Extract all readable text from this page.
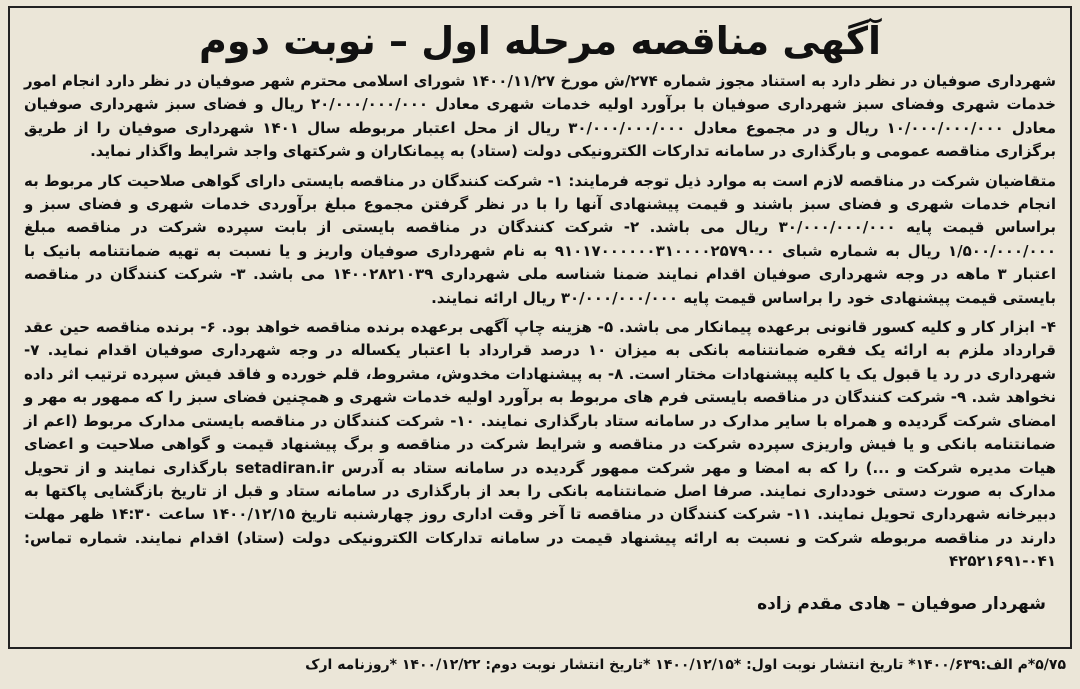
آگهی مناقصه مرحله اول – نوبت دوم

شهرداری صوفیان در نظر دارد به استناد مجوز شماره ۲۷۴/ش مورخ ۱۴۰۰/۱۱/۲۷ شورای اسلامی محترم شهر صوفیان در نظر دارد انجام امور خدمات شهری وفضای سبز شهرداری صوفیان با برآورد اولیه خدمات شهری معادل ۲۰/۰۰۰/۰۰۰/۰۰۰ ریال و فضای سبز شهرداری صوفیان معادل ۱۰/۰۰۰/۰۰۰/۰۰۰ ریال و در مجموع معادل ۳۰/۰۰۰/۰۰۰/۰۰۰ ریال از محل اعتبار مربوطه سال ۱۴۰۱ شهرداری صوفیان را از طریق برگزاری مناقصه عمومی و بارگذاری در سامانه تدارکات الکترونیکی دولت (ستاد) به پیمانکاران و شرکتهای واجد شرایط واگذار نماید.

متقاضیان شرکت در مناقصه لازم است به موارد ذیل توجه فرمایند: ۱- شرکت کنندگان در مناقصه بایستی دارای گواهی صلاحیت کار مربوط به انجام خدمات شهری و فضای سبز باشند و قیمت پیشنهادی آنها را با در نظر گرفتن مجموع مبلغ برآوردی خدمات شهری و فضای سبز و براساس قیمت پایه ۳۰/۰۰۰/۰۰۰/۰۰۰ ریال می باشد. ۲- شرکت کنندگان در مناقصه بایستی از بابت سپرده شرکت در مناقصه مبلغ ۱/۵۰۰/۰۰۰/۰۰۰ ریال به شماره شبای ۹۱۰۱۷۰۰۰۰۰۰۳۱۰۰۰۰۲۵۷۹۰۰۰ به نام شهرداری صوفیان واریز و یا نسبت به تهیه ضمانتنامه بانیک با اعتبار ۳ ماهه در وجه شهرداری صوفیان اقدام نمایند ضمنا شناسه ملی شهرداری ۱۴۰۰۲۸۲۱۰۳۹ می باشد. ۳- شرکت کنندگان در مناقصه بایستی قیمت پیشنهادی خود را براساس قیمت پایه ۳۰/۰۰۰/۰۰۰/۰۰۰ ریال ارائه نمایند.

۴- ابزار کار و کلیه کسور قانونی برعهده پیمانکار می باشد. ۵- هزینه چاپ آگهی برعهده برنده مناقصه خواهد بود. ۶- برنده مناقصه حین عقد قرارداد ملزم به ارائه یک فقره ضمانتنامه بانکی به میزان ۱۰ درصد قرارداد با اعتبار یکساله در وجه شهرداری صوفیان اقدام نماید. ۷- شهرداری در رد یا قبول یک یا کلیه پیشنهادات مختار است. ۸- به پیشنهادات مخدوش، مشروط، قلم خورده و فاقد فیش سپرده ترتیب اثر داده نخواهد شد. ۹- شرکت کنندگان در مناقصه بایستی فرم های مربوط به برآورد اولیه خدمات شهری و همچنین فضای سبز را که ممهور به مهر و امضای شرکت گردیده و همراه با سایر مدارک در سامانه ستاد بارگذاری نمایند. ۱۰- شرکت کنندگان در مناقصه بایستی مدارک مربوط (اعم از ضمانتنامه بانکی و یا فیش واریزی سپرده شرکت در مناقصه و شرایط شرکت در مناقصه و برگ پیشنهاد قیمت و گواهی صلاحیت و اعضای هیات مدیره شرکت و ...) را که به امضا و مهر شرکت ممهور گردیده در سامانه ستاد به آدرس setadiran.ir بارگذاری نمایند و از تحویل مدارک به صورت دستی خودداری نمایند. صرفا اصل ضمانتنامه بانکی را بعد از بارگذاری در سامانه ستاد و قبل از تاریخ بازگشایی پاکتها به دبیرخانه شهرداری تحویل نمایند. ۱۱- شرکت کنندگان در مناقصه تا آخر وقت اداری روز چهارشنبه تاریخ ۱۴۰۰/۱۲/۱۵ ساعت ۱۴:۳۰ ظهر مهلت دارند در مناقصه مربوطه شرکت و نسبت به ارائه پیشنهاد قیمت در سامانه تدارکات الکترونیکی دولت (ستاد) اقدام نمایند. شماره تماس: ۰۴۱-۴۲۵۲۱۶۹۱

شهردار صوفیان – هادی مقدم زاده
۵/۷۵*م الف:۱۴۰۰/۶۳۹* تاریخ انتشار نوبت اول: *۱۴۰۰/۱۲/۱۵ *تاریخ انتشار نوبت دوم: ۱۴۰۰/۱۲/۲۲ *روزنامه ارک
